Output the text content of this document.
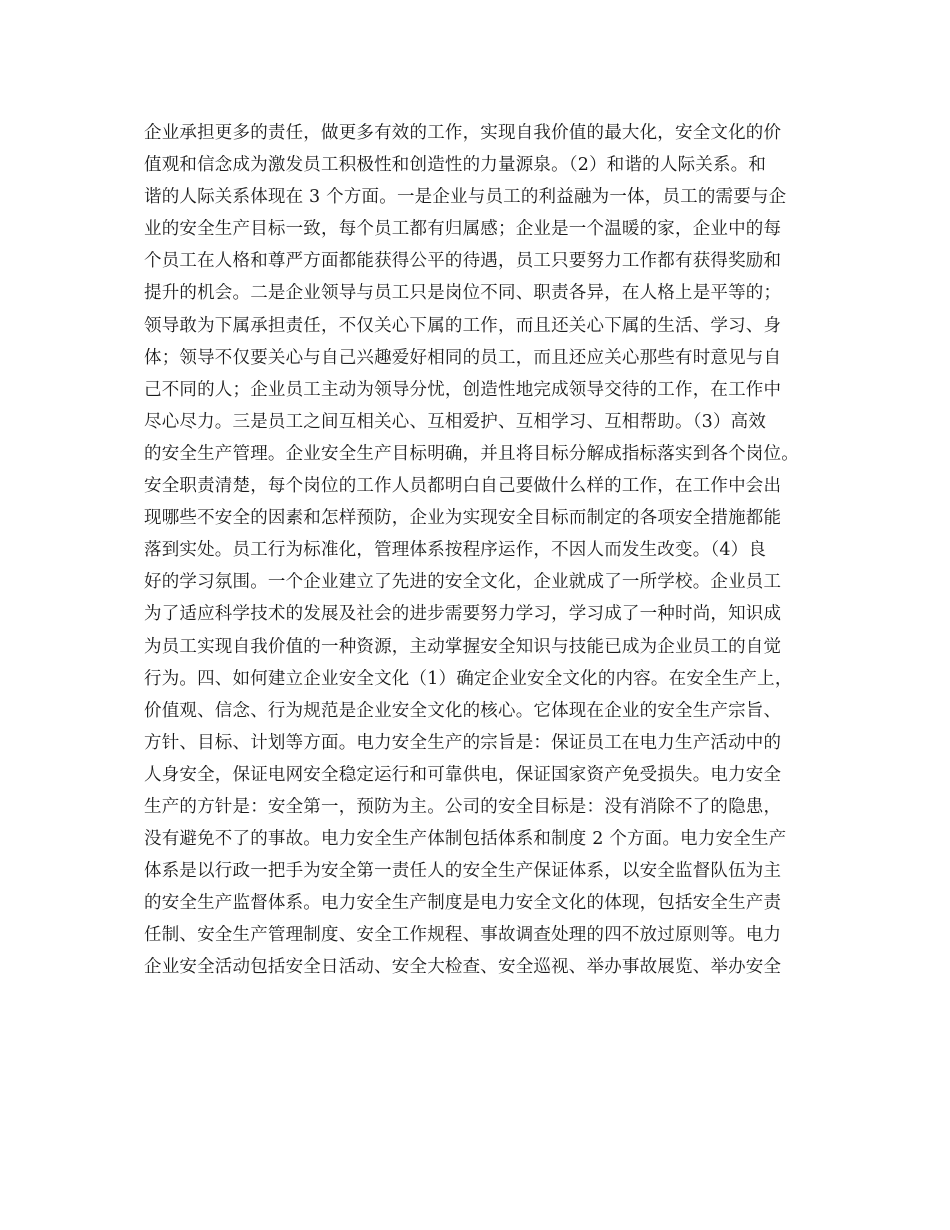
企业承担更多的责任，做更多有效的工作，实现自我价值的最大化，安全文化的价
值观和信念成为激发员工积极性和创造性的力量源泉。（2）和谐的人际关系。和
谐的人际关系体现在 3 个方面。一是企业与员工的利益融为一体，员工的需要与企
业的安全生产目标一致，每个员工都有归属感；企业是一个温暖的家，企业中的每
个员工在人格和尊严方面都能获得公平的待遇，员工只要努力工作都有获得奖励和
提升的机会。二是企业领导与员工只是岗位不同、职责各异，在人格上是平等的；
领导敢为下属承担责任，不仅关心下属的工作，而且还关心下属的生活、学习、身
体；领导不仅要关心与自己兴趣爱好相同的员工，而且还应关心那些有时意见与自
己不同的人；企业员工主动为领导分忧，创造性地完成领导交待的工作，在工作中
尽心尽力。三是员工之间互相关心、互相爱护、互相学习、互相帮助。（3）高效
的安全生产管理。企业安全生产目标明确，并且将目标分解成指标落实到各个岗位。
安全职责清楚，每个岗位的工作人员都明白自己要做什么样的工作，在工作中会出
现哪些不安全的因素和怎样预防，企业为实现安全目标而制定的各项安全措施都能
落到实处。员工行为标准化，管理体系按程序运作，不因人而发生改变。（4）良
好的学习氛围。一个企业建立了先进的安全文化，企业就成了一所学校。企业员工
为了适应科学技术的发展及社会的进步需要努力学习，学习成了一种时尚，知识成
为员工实现自我价值的一种资源，主动掌握安全知识与技能已成为企业员工的自觉
行为。四、如何建立企业安全文化（1）确定企业安全文化的内容。在安全生产上，
价值观、信念、行为规范是企业安全文化的核心。它体现在企业的安全生产宗旨、
方针、目标、计划等方面。电力安全生产的宗旨是：保证员工在电力生产活动中的
人身安全，保证电网安全稳定运行和可靠供电，保证国家资产免受损失。电力安全
生产的方针是：安全第一，预防为主。公司的安全目标是：没有消除不了的隐患，
没有避免不了的事故。电力安全生产体制包括体系和制度 2 个方面。电力安全生产
体系是以行政一把手为安全第一责任人的安全生产保证体系，以安全监督队伍为主
的安全生产监督体系。电力安全生产制度是电力安全文化的体现，包括安全生产责
任制、安全生产管理制度、安全工作规程、事故调查处理的四不放过原则等。电力
企业安全活动包括安全日活动、安全大检查、安全巡视、举办事故展览、举办安全
